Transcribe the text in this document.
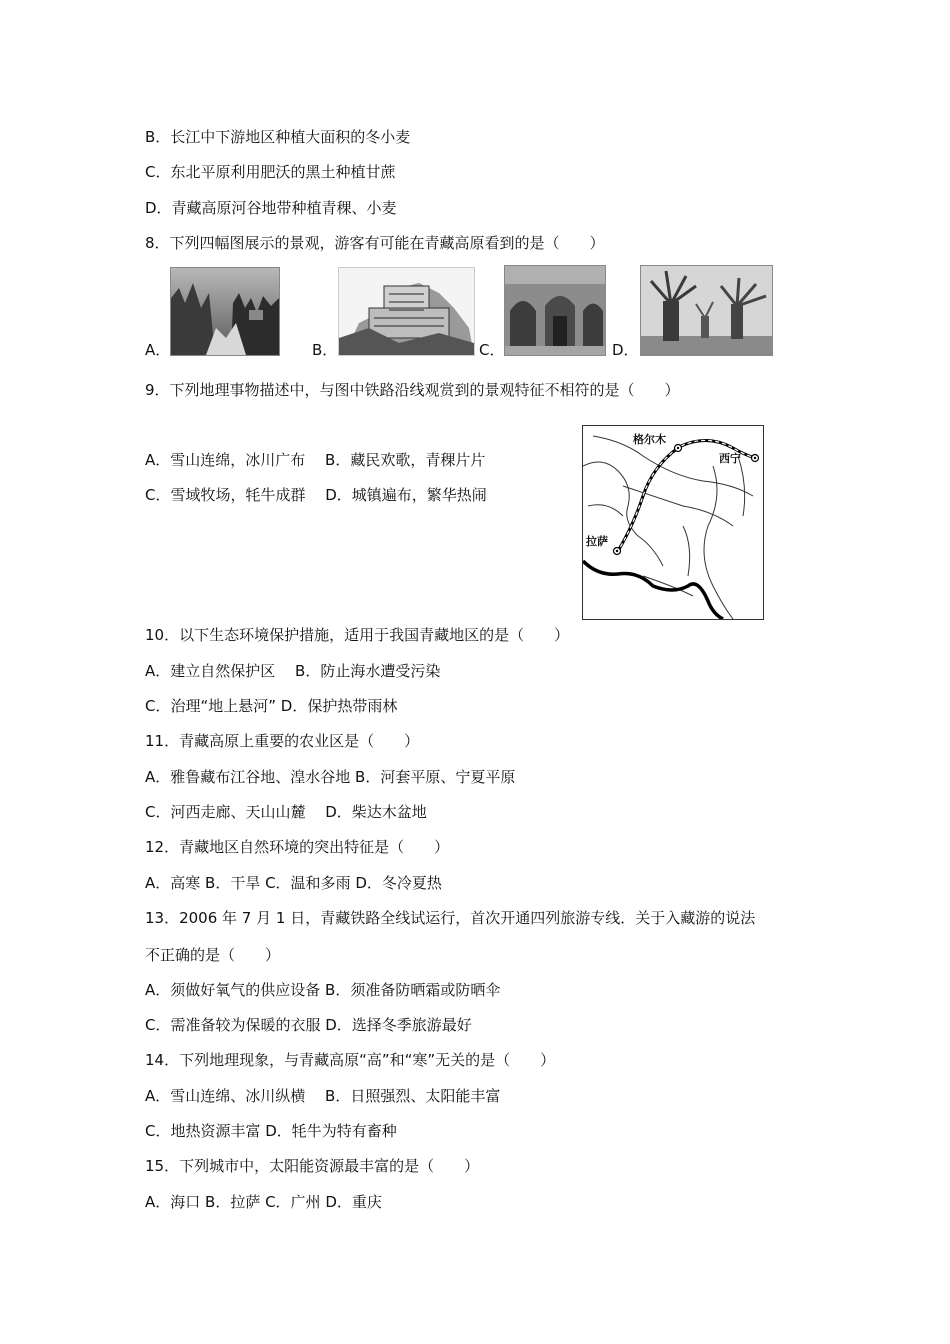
B．长江中下游地区种植大面积的冬小麦
C．东北平原利用肥沃的黑土种植甘蔗
D．青藏高原河谷地带种植青稞、小麦
8．下列四幅图展示的景观，游客有可能在青藏高原看到的是（　　）
A．	B．	C．	D．
9．下列地理事物描述中，与图中铁路沿线观赏到的景观特征不相符的是（　　）
A．雪山连绵，冰川广布　 B．藏民欢歌，青稞片片
C．雪域牧场，牦牛成群　 D．城镇遍布，繁华热闹
格尔木
西宁
拉萨
10．以下生态环境保护措施，适用于我国青藏地区的是（　　）
A．建立自然保护区　 B．防止海水遭受污染
C．治理“地上悬河” D．保护热带雨林
11．青藏高原上重要的农业区是（　　）
A．雅鲁藏布江谷地、湟水谷地 B．河套平原、宁夏平原
C．河西走廊、天山山麓　 D．柴达木盆地
12．青藏地区自然环境的突出特征是（　　）
A．高寒 B．干旱 C．温和多雨 D．冬冷夏热
13．2006 年 7 月 1 日，青藏铁路全线试运行，首次开通四列旅游专线．关于入藏游的说法
不正确的是（　　）
A．须做好氧气的供应设备 B．须准备防晒霜或防晒伞
C．需准备较为保暖的衣服 D．选择冬季旅游最好
14．下列地理现象，与青藏高原“高”和“寒”无关的是（　　）
A．雪山连绵、冰川纵横　 B．日照强烈、太阳能丰富
C．地热资源丰富 D．牦牛为特有畜种
15．下列城市中，太阳能资源最丰富的是（　　）
A．海口 B．拉萨 C．广州 D．重庆
